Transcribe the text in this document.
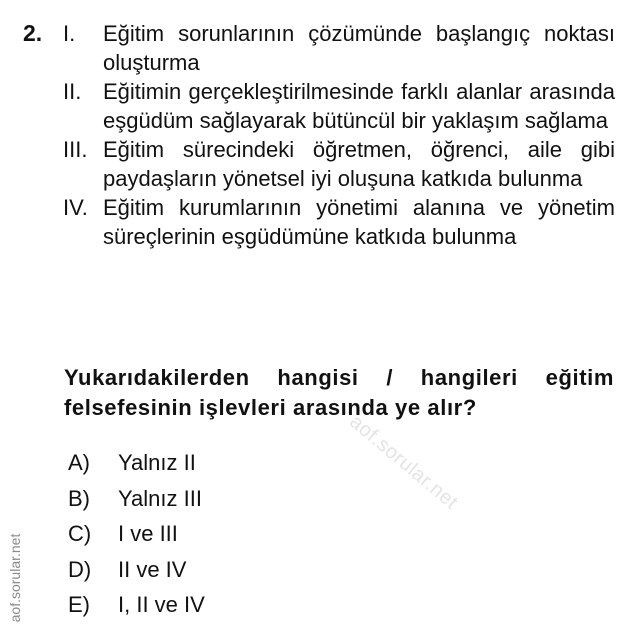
2. I.	Eğitim sorunlarının çözümünde başlangıç noktası oluşturma
II. Eğitimin gerçekleştirilmesinde farklı alanlar arasında eşgüdüm sağlayarak bütüncül bir yaklaşım sağlama
III. Eğitim sürecindeki öğretmen, öğrenci, aile gibi paydaşların yönetsel iyi oluşuna katkıda bulunma
IV. Eğitim kurumlarının yönetimi alanına ve yönetim süreçlerinin eşgüdümüne katkıda bulunma
Yukarıdakilerden hangisi / hangileri eğitim felsefesinin işlevleri arasında ye alır?
A)	Yalnız II
B)	Yalnız III
C)	I ve III
D)	II ve IV
E)	I, II ve IV
aof.sorular.net
aof.sorular.net
